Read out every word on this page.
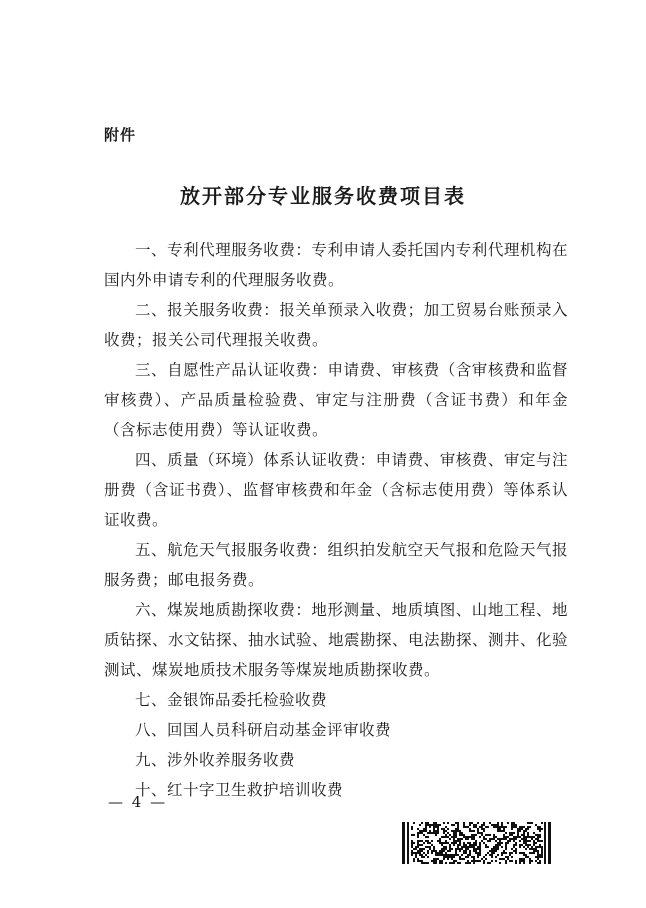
附件
放开部分专业服务收费项目表

一、专利代理服务收费：专利申请人委托国内专利代理机构在国内外申请专利的代理服务收费。

二、报关服务收费：报关单预录入收费；加工贸易台账预录入收费；报关公司代理报关收费。

三、自愿性产品认证收费：申请费、审核费（含审核费和监督审核费）、产品质量检验费、审定与注册费（含证书费）和年金（含标志使用费）等认证收费。

四、质量（环境）体系认证收费：申请费、审核费、审定与注册费（含证书费）、监督审核费和年金（含标志使用费）等体系认证收费。

五、航危天气报服务收费：组织拍发航空天气报和危险天气报服务费；邮电报务费。

六、煤炭地质勘探收费：地形测量、地质填图、山地工程、地质钻探、水文钻探、抽水试验、地震勘探、电法勘探、测井、化验测试、煤炭地质技术服务等煤炭地质勘探收费。

七、金银饰品委托检验收费

八、回国人员科研启动基金评审收费

九、涉外收养服务收费

十、红十字卫生救护培训收费

— 4 —
